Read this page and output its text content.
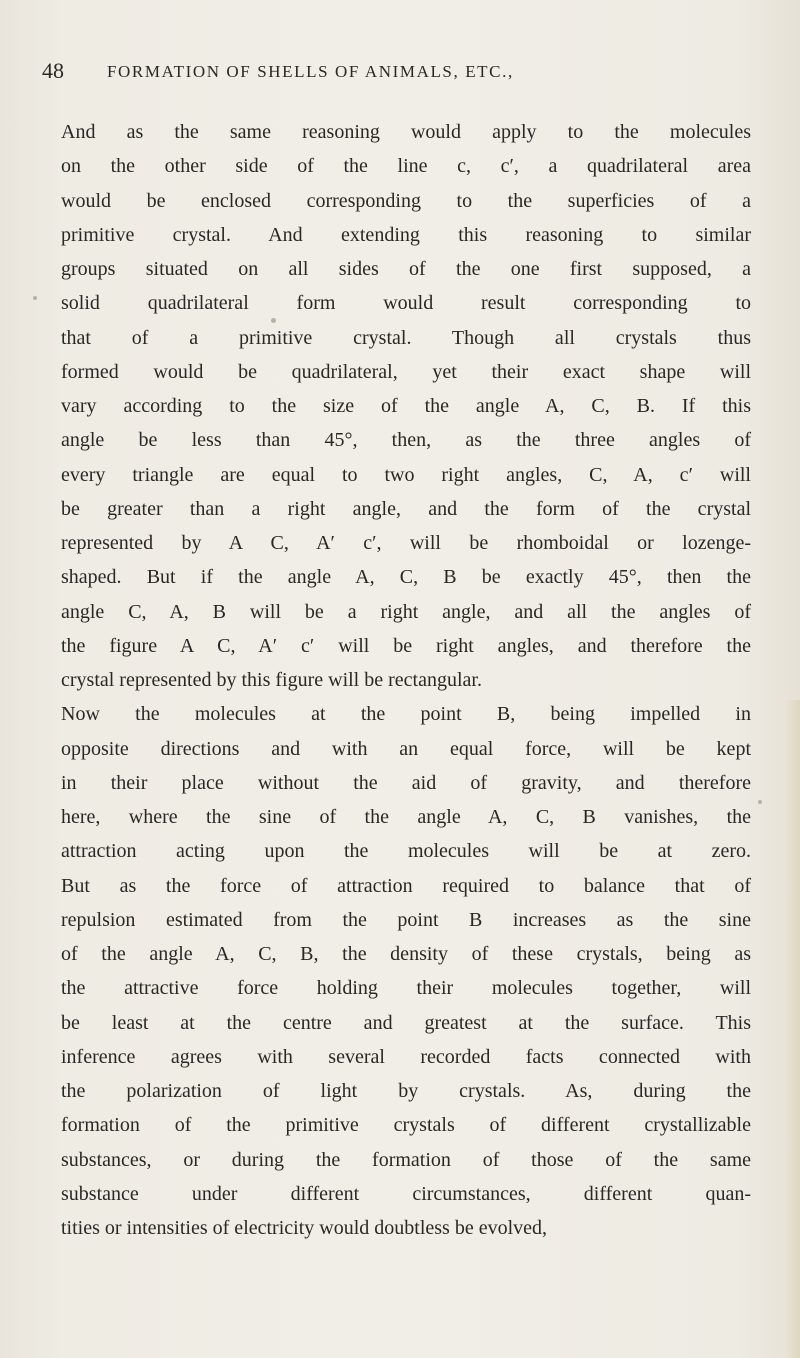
48	FORMATION OF SHELLS OF ANIMALS, ETC.,
And as the same reasoning would apply to the molecules
on the other side of the line c, c′, a quadrilateral area
would be enclosed corresponding to the superficies of a
primitive crystal. And extending this reasoning to similar
groups situated on all sides of the one first supposed, a
solid quadrilateral form would result corresponding to
that of a primitive crystal. Though all crystals thus
formed would be quadrilateral, yet their exact shape will
vary according to the size of the angle A, C, B. If this
angle be less than 45°, then, as the three angles of
every triangle are equal to two right angles, C, A, c′ will
be greater than a right angle, and the form of the crystal
represented by A C, A′ c′, will be rhomboidal or lozenge-
shaped. But if the angle A, C, B be exactly 45°, then the
angle C, A, B will be a right angle, and all the angles of
the figure A C, A′ c′ will be right angles, and therefore the
crystal represented by this figure will be rectangular.
Now the molecules at the point B, being impelled in
opposite directions and with an equal force, will be kept
in their place without the aid of gravity, and therefore
here, where the sine of the angle A, C, B vanishes, the
attraction acting upon the molecules will be at zero.
But as the force of attraction required to balance that of
repulsion estimated from the point B increases as the sine
of the angle A, C, B, the density of these crystals, being as
the attractive force holding their molecules together, will
be least at the centre and greatest at the surface. This
inference agrees with several recorded facts connected with
the polarization of light by crystals. As, during the
formation of the primitive crystals of different crystallizable
substances, or during the formation of those of the same
substance under different circumstances, different quan-
tities or intensities of electricity would doubtless be evolved,
